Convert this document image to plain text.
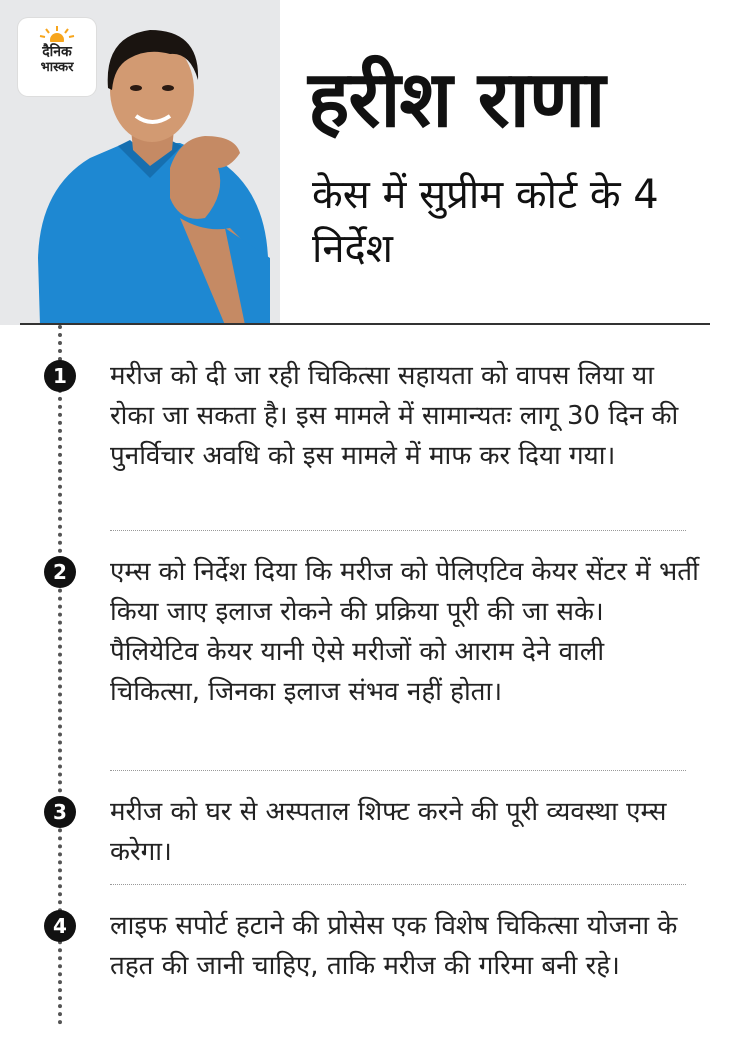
दैनिक
भास्कर	हरीश राणा
केस में सुप्रीम कोर्ट के 4 निर्देश
1	मरीज को दी जा रही चिकित्सा सहायता को वापस लिया या रोका जा सकता है। इस मामले में सामान्यतः लागू 30 दिन की पुनर्विचार अवधि को इस मामले में माफ कर दिया गया।
2	एम्स को निर्देश दिया कि मरीज को पेलिएटिव केयर सेंटर में भर्ती किया जाए इलाज रोकने की प्रक्रिया पूरी की जा सके। पैलियेटिव केयर यानी ऐसे मरीजों को आराम देने वाली चिकित्सा, जिनका इलाज संभव नहीं होता।
3	मरीज को घर से अस्पताल शिफ्ट करने की पूरी व्यवस्था एम्स करेगा।
4	लाइफ सपोर्ट हटाने की प्रोसेस एक विशेष चिकित्सा योजना के तहत की जानी चाहिए, ताकि मरीज की गरिमा बनी रहे।
